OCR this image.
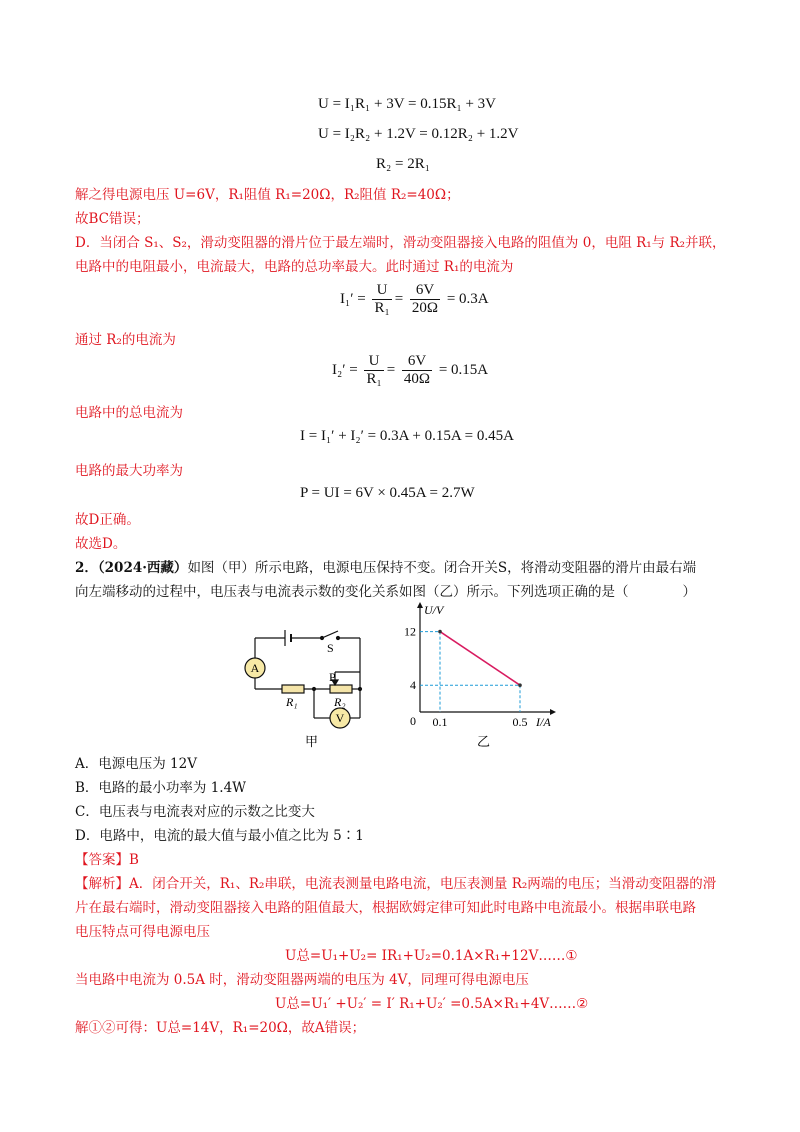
U = I₁R₁ + 3V = 0.15R₁ + 3V
U = I₂R₂ + 1.2V = 0.12R₂ + 1.2V
R₂ = 2R₁
解之得电源电压 U=6V，R₁阻值 R₁=20Ω，R₂阻值 R₂=40Ω；
故BC错误；
D．当闭合 S₁、S₂，滑动变阻器的滑片位于最左端时，滑动变阻器接入电路的阻值为 0，电阻 R₁与 R₂并联，
电路中的电阻最小，电流最大，电路的总功率最大。此时通过 R₁的电流为
$I_1' = \frac{U}{\text{R₁}} = \frac{6V}{20\Omega} = 0.3A$
通过 R₂的电流为
$I_2' = \frac{U}{\text{R₁}} = \frac{6V}{40\Omega} = 0.15A$
电路中的总电流为
I = I₁′ + I₂′ = 0.3A + 0.15A = 0.45A
电路的最大功率为
P = UI = 6V × 0.45A = 2.7W
故D正确。
故选D。
2．（2024·西藏）如图（甲）所示电路，电源电压保持不变。闭合开关S，将滑动变阻器的滑片由最右端
向左端移动的过程中，电压表与电流表示数的变化关系如图（乙）所示。下列选项正确的是（　　　　）
A
V
S
P
R₁	R₂
甲
U/V
I/A
0 0.1	0.5
12
4
乙
A．电源电压为 12V
B．电路的最小功率为 1.4W
C．电压表与电流表对应的示数之比变大
D．电路中，电流的最大值与最小值之比为 5∶1
【答案】B
【解析】A．闭合开关，R₁、R₂串联，电流表测量电路电流，电压表测量 R₂两端的电压；当滑动变阻器的滑
片在最右端时，滑动变阻器接入电路的阻值最大，根据欧姆定律可知此时电路中电流最小。根据串联电路
电压特点可得电源电压
U总=U₁+U₂= IR₁+U₂=0.1A×R₁+12V……①
当电路中电流为 0.5A 时，滑动变阻器两端的电压为 4V，同理可得电源电压
U总=U₁′ +U₂′ = I′ R₁+U₂′ =0.5A×R₁+4V……②
解①②可得：U总=14V，R₁=20Ω，故A错误；
